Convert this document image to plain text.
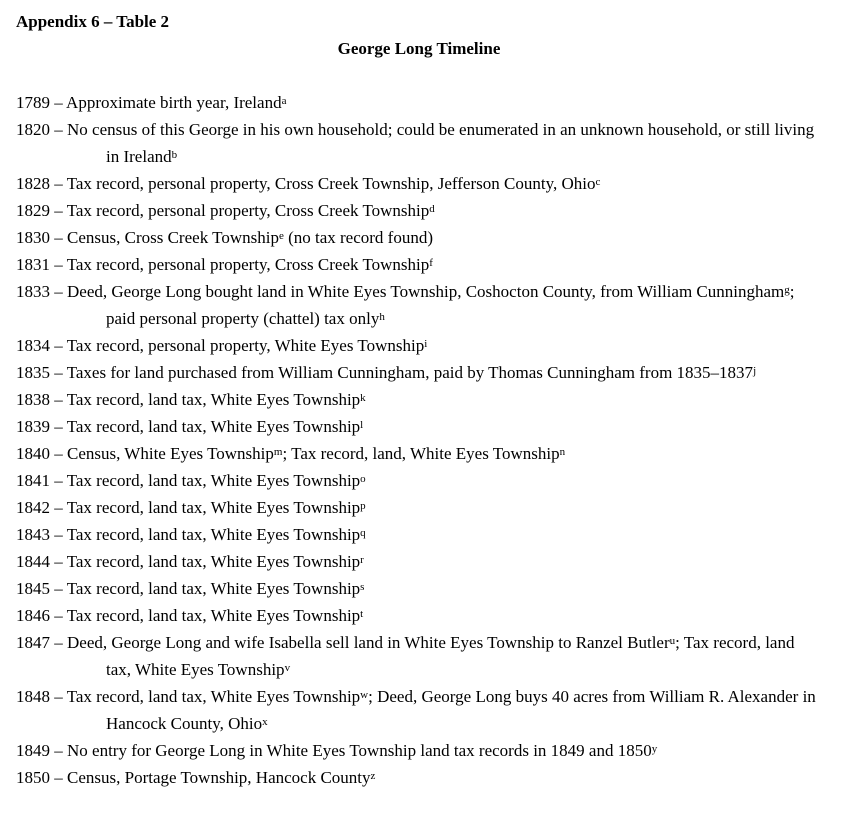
Appendix 6 – Table 2
George Long Timeline
1789 – Approximate birth year, Ireland$^a$
1820 – No census of this George in his own household; could be enumerated in an unknown household, or still living in Ireland$^b$
1828 – Tax record, personal property, Cross Creek Township, Jefferson County, Ohio$^c$
1829 – Tax record, personal property, Cross Creek Township$^d$
1830 – Census, Cross Creek Township$^e$ (no tax record found)
1831 – Tax record, personal property, Cross Creek Township$^f$
1833 – Deed, George Long bought land in White Eyes Township, Coshocton County, from William Cunningham$^g$; paid personal property (chattel) tax only$^h$
1834 – Tax record, personal property, White Eyes Township$^i$
1835 – Taxes for land purchased from William Cunningham, paid by Thomas Cunningham from 1835–1837$^j$
1838 – Tax record, land tax, White Eyes Township$^k$
1839 – Tax record, land tax, White Eyes Township$^l$
1840 – Census, White Eyes Township$^m$; Tax record, land, White Eyes Township$^n$
1841 – Tax record, land tax, White Eyes Township$^o$
1842 – Tax record, land tax, White Eyes Township$^p$
1843 – Tax record, land tax, White Eyes Township$^q$
1844 – Tax record, land tax, White Eyes Township$^r$
1845 – Tax record, land tax, White Eyes Township$^s$
1846 – Tax record, land tax, White Eyes Township$^t$
1847 – Deed, George Long and wife Isabella sell land in White Eyes Township to Ranzel Butler$^u$; Tax record, land tax, White Eyes Township$^v$
1848 – Tax record, land tax, White Eyes Township$^w$; Deed, George Long buys 40 acres from William R. Alexander in Hancock County, Ohio$^x$
1849 – No entry for George Long in White Eyes Township land tax records in 1849 and 1850$^y$
1850 – Census, Portage Township, Hancock County$^z$
